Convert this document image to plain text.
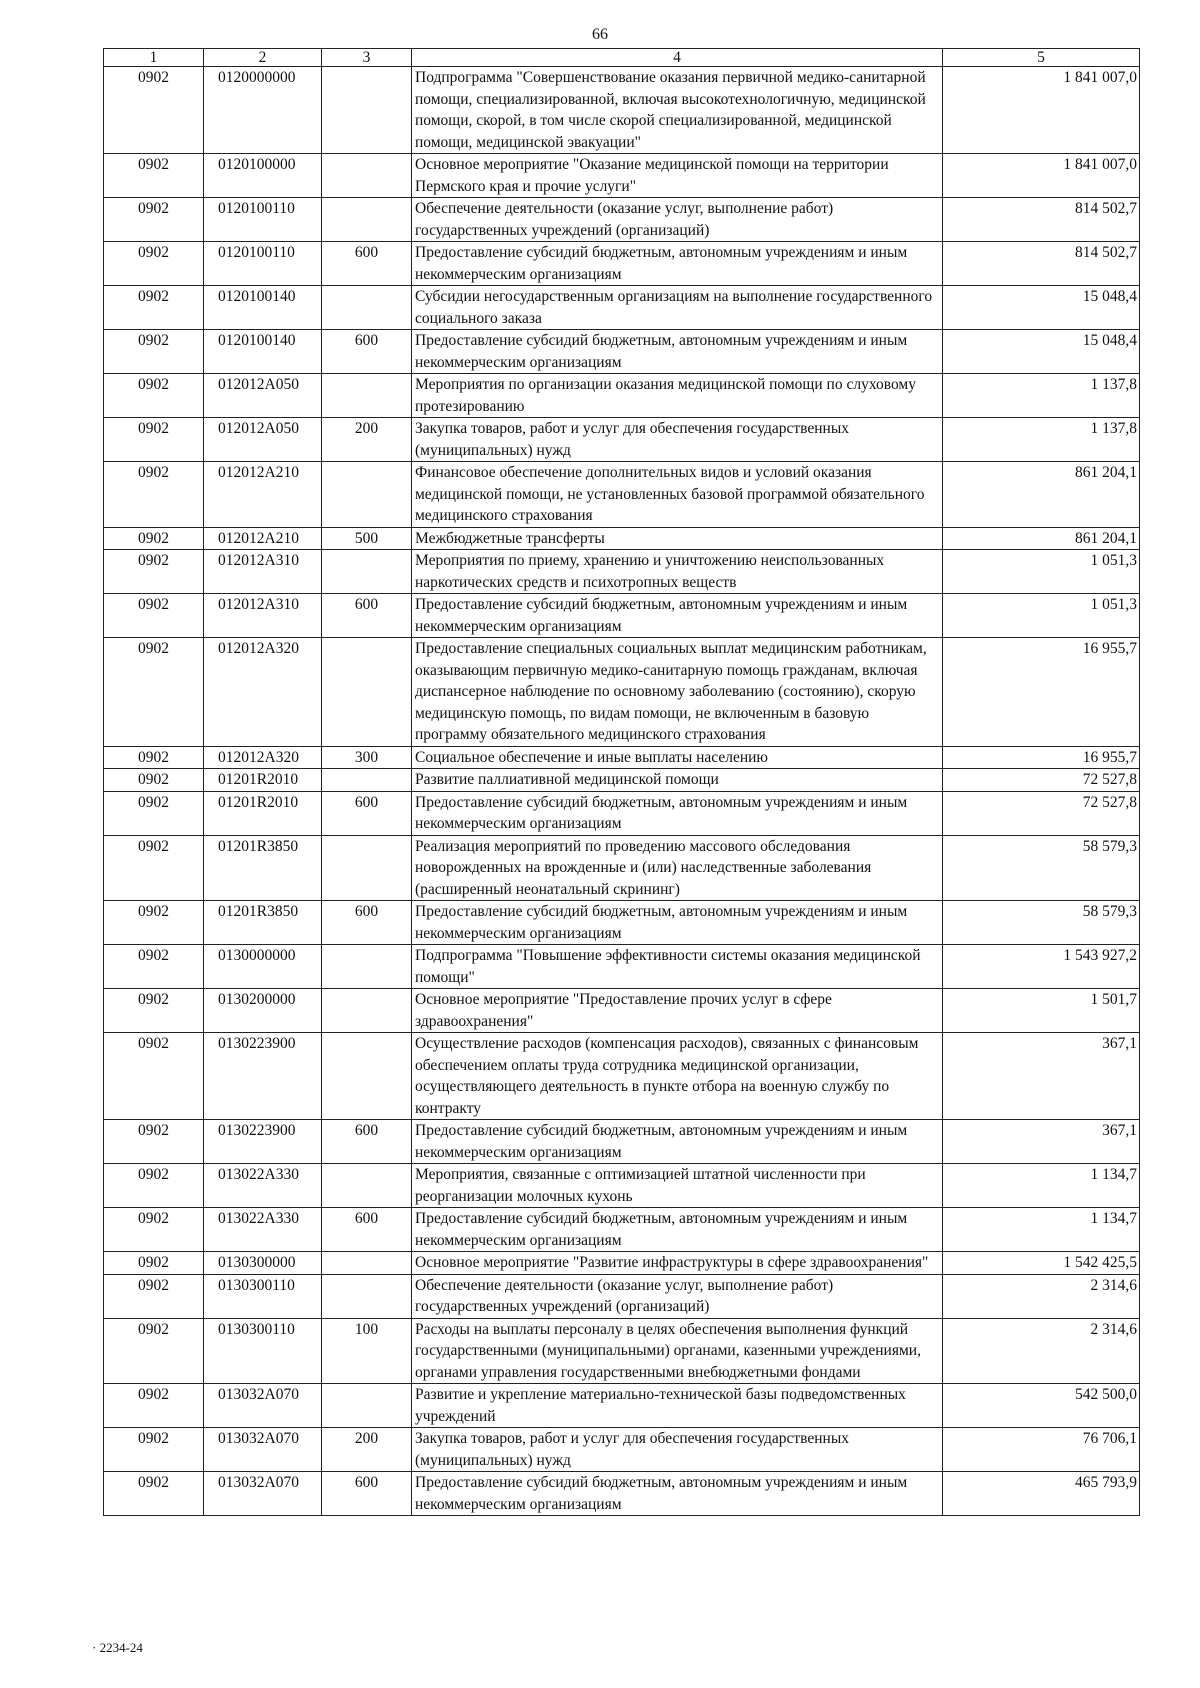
66
1	2	3	4	5
0902	0120000000		Подпрограмма "Совершенствование оказания первичной медико-санитарной помощи, специализированной, включая высокотехнологичную, медицинской помощи, скорой, в том числе скорой специализированной, медицинской помощи, медицинской эвакуации"	1 841 007,0
0902	0120100000		Основное мероприятие "Оказание медицинской помощи на территории Пермского края и прочие услуги"	1 841 007,0
0902	0120100110		Обеспечение деятельности (оказание услуг, выполнение работ) государственных учреждений (организаций)	814 502,7
0902	0120100110	600	Предоставление субсидий бюджетным, автономным учреждениям и иным некоммерческим организациям	814 502,7
0902	0120100140		Субсидии негосударственным организациям на выполнение государственного социального заказа	15 048,4
0902	0120100140	600	Предоставление субсидий бюджетным, автономным учреждениям и иным некоммерческим организациям	15 048,4
0902	012012А050		Мероприятия по организации оказания медицинской помощи по слуховому протезированию	1 137,8
0902	012012А050	200	Закупка товаров, работ и услуг для обеспечения государственных (муниципальных) нужд	1 137,8
0902	012012А210		Финансовое обеспечение дополнительных видов и условий оказания медицинской помощи, не установленных базовой программой обязательного медицинского страхования	861 204,1
0902	012012А210	500	Межбюджетные трансферты	861 204,1
0902	012012А310		Мероприятия по приему, хранению и уничтожению неиспользованных наркотических средств и психотропных веществ	1 051,3
0902	012012А310	600	Предоставление субсидий бюджетным, автономным учреждениям и иным некоммерческим организациям	1 051,3
0902	012012А320		Предоставление специальных социальных выплат медицинским работникам, оказывающим первичную медико-санитарную помощь гражданам, включая диспансерное наблюдение по основному заболеванию (состоянию), скорую медицинскую помощь, по видам помощи, не включенным в базовую программу обязательного медицинского страхования	16 955,7
0902	012012А320	300	Социальное обеспечение и иные выплаты населению	16 955,7
0902	01201R2010		Развитие паллиативной медицинской помощи	72 527,8
0902	01201R2010	600	Предоставление субсидий бюджетным, автономным учреждениям и иным некоммерческим организациям	72 527,8
0902	01201R3850		Реализация мероприятий по проведению массового обследования новорожденных на врожденные и (или) наследственные заболевания (расширенный неонатальный скрининг)	58 579,3
0902	01201R3850	600	Предоставление субсидий бюджетным, автономным учреждениям и иным некоммерческим организациям	58 579,3
0902	0130000000		Подпрограмма "Повышение эффективности системы оказания медицинской помощи"	1 543 927,2
0902	0130200000		Основное мероприятие "Предоставление прочих услуг в сфере здравоохранения"	1 501,7
0902	0130223900		Осуществление расходов (компенсация расходов), связанных с финансовым обеспечением оплаты труда сотрудника медицинской организации, осуществляющего деятельность в пункте отбора на военную службу по контракту	367,1
0902	0130223900	600	Предоставление субсидий бюджетным, автономным учреждениям и иным некоммерческим организациям	367,1
0902	013022А330		Мероприятия, связанные с оптимизацией штатной численности при реорганизации молочных кухонь	1 134,7
0902	013022А330	600	Предоставление субсидий бюджетным, автономным учреждениям и иным некоммерческим организациям	1 134,7
0902	0130300000		Основное мероприятие "Развитие инфраструктуры в сфере здравоохранения"	1 542 425,5
0902	0130300110		Обеспечение деятельности (оказание услуг, выполнение работ) государственных учреждений (организаций)	2 314,6
0902	0130300110	100	Расходы на выплаты персоналу в целях обеспечения выполнения функций государственными (муниципальными) органами, казенными учреждениями, органами управления государственными внебюджетными фондами	2 314,6
0902	013032А070		Развитие и укрепление материально-технической базы подведомственных учреждений	542 500,0
0902	013032А070	200	Закупка товаров, работ и услуг для обеспечения государственных (муниципальных) нужд	76 706,1
0902	013032А070	600	Предоставление субсидий бюджетным, автономным учреждениям и иным некоммерческим организациям	465 793,9
· 2234-24
